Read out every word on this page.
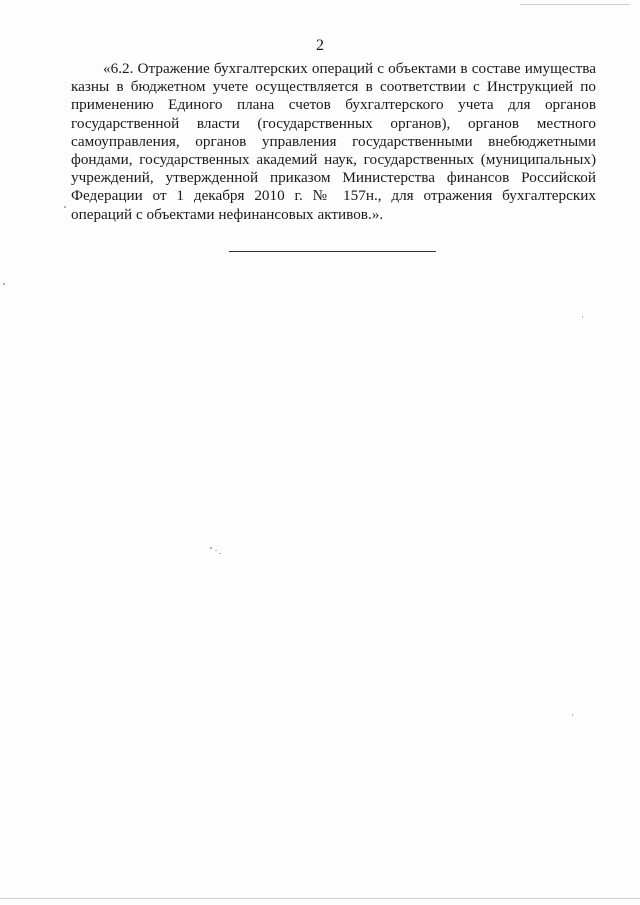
2
«6.2. Отражение бухгалтерских операций с объектами в составе имущества
казны в бюджетном учете осуществляется в соответствии с Инструкцией по
применению Единого плана счетов бухгалтерского учета для органов
государственной власти (государственных органов), органов местного
самоуправления, органов управления государственными внебюджетными
фондами, государственных академий наук, государственных (муниципальных)
учреждений, утвержденной приказом Министерства финансов Российской
Федерации от 1 декабря 2010 г. № 157н., для отражения бухгалтерских
операций с объектами нефинансовых активов.».
